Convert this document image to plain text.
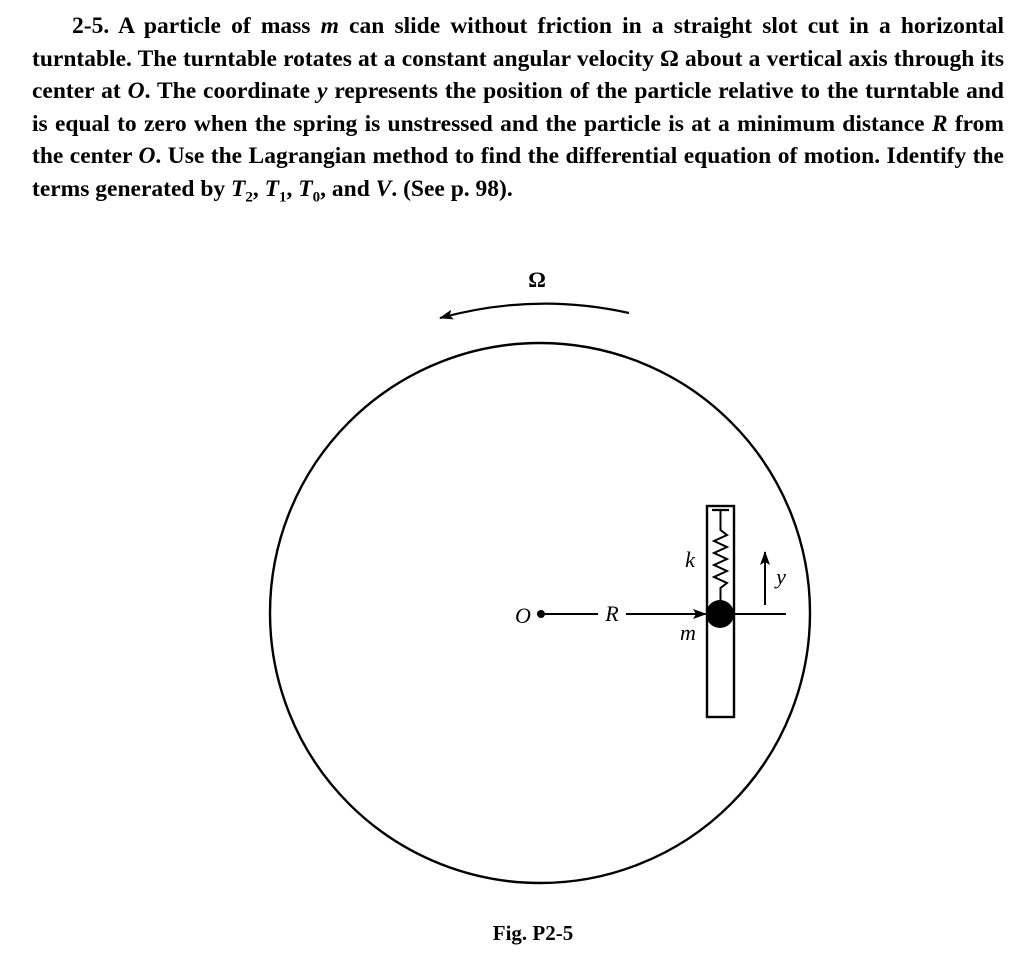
2-5. A particle of mass m can slide without friction in a straight slot cut in a horizontal turntable. The turntable rotates at a constant angular velocity Ω about a vertical axis through its center at O. The coordinate y represents the position of the particle relative to the turntable and is equal to zero when the spring is unstressed and the particle is at a minimum distance R from the center O. Use the Lagrangian method to find the differential equation of motion. Identify the terms generated by $T_2$, $T_1$, $T_0$, and V. (See p. 98).
Ω
O	R
k
m
y
Fig. P2-5
